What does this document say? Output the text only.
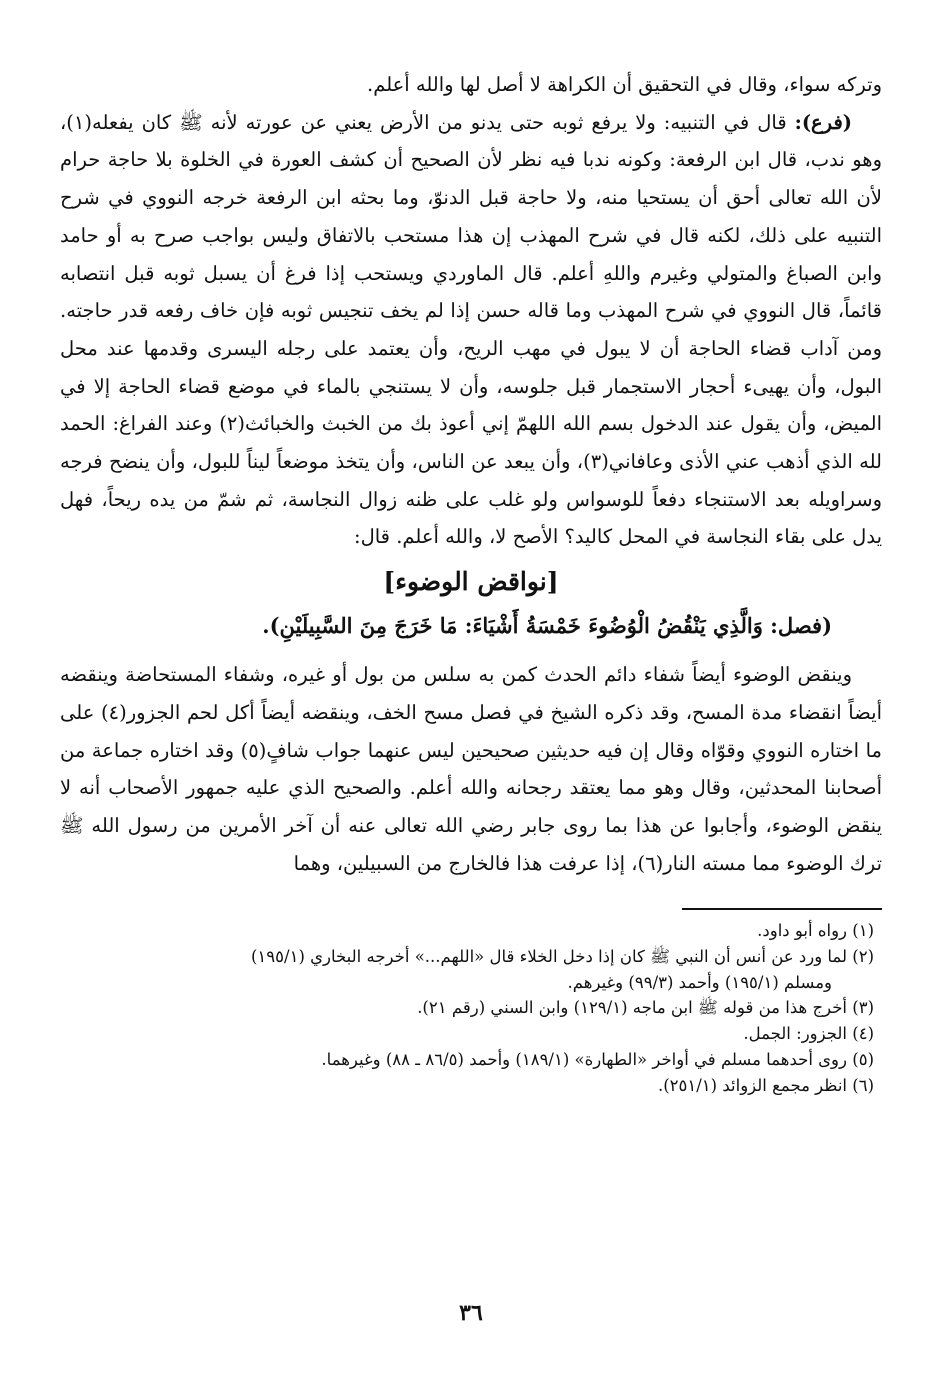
وتركه سواء، وقال في التحقيق أن الكراهة لا أصل لها والله أعلم.

(فرع): قال في التنبيه: ولا يرفع ثوبه حتى يدنو من الأرض يعني عن عورته لأنه ﷺ كان يفعله(١)، وهو ندب، قال ابن الرفعة: وكونه ندبا فيه نظر لأن الصحيح أن كشف العورة في الخلوة بلا حاجة حرام لأن الله تعالى أحق أن يستحيا منه، ولا حاجة قبل الدنوّ، وما بحثه ابن الرفعة خرجه النووي في شرح التنبيه على ذلك، لكنه قال في شرح المهذب إن هذا مستحب بالاتفاق وليس بواجب صرح به أو حامد وابن الصباغ والمتولي وغيرم واللهِ أعلم. قال الماوردي ويستحب إذا فرغ أن يسبل ثوبه قبل انتصابه قائماً، قال النووي في شرح المهذب وما قاله حسن إذا لم يخف تنجيس ثوبه فإن خاف رفعه قدر حاجته. ومن آداب قضاء الحاجة أن لا يبول في مهب الريح، وأن يعتمد على رجله اليسرى وقدمها عند محل البول، وأن يهيىء أحجار الاستجمار قبل جلوسه، وأن لا يستنجي بالماء في موضع قضاء الحاجة إلا في الميض، وأن يقول عند الدخول بسم الله اللهمّ إني أعوذ بك من الخبث والخبائث(٢) وعند الفراغ: الحمد لله الذي أذهب عني الأذى وعافاني(٣)، وأن يبعد عن الناس، وأن يتخذ موضعاً ليناً للبول، وأن ينضح فرجه وسراويله بعد الاستنجاء دفعاً للوسواس ولو غلب على ظنه زوال النجاسة، ثم شمّ من يده ريحاً، فهل يدل على بقاء النجاسة في المحل كاليد؟ الأصح لا، والله أعلم. قال:

[نواقض الوضوء]
(فصل: وَالَّذِي يَنْقُضُ الْوُضُوءَ خَمْسَةُ أَشْيَاءَ: مَا خَرَجَ مِنَ السَّبِيلَيْنِ).

وينقض الوضوء أيضاً شفاء دائم الحدث كمن به سلس من بول أو غيره، وشفاء المستحاضة وينقضه أيضاً انقضاء مدة المسح، وقد ذكره الشيخ في فصل مسح الخف، وينقضه أيضاً أكل لحم الجزور(٤) على ما اختاره النووي وقوّاه وقال إن فيه حديثين صحيحين ليس عنهما جواب شافٍ(٥) وقد اختاره جماعة من أصحابنا المحدثين، وقال وهو مما يعتقد رجحانه والله أعلم. والصحيح الذي عليه جمهور الأصحاب أنه لا ينقض الوضوء، وأجابوا عن هذا بما روى جابر رضي الله تعالى عنه أن آخر الأمرين من رسول الله ﷺ ترك الوضوء مما مسته النار(٦)، إذا عرفت هذا فالخارج من السبيلين، وهما

(١) رواه أبو داود.

(٢) لما ورد عن أنس أن النبي ﷺ كان إذا دخل الخلاء قال «اللهم...» أخرجه البخاري (١٩٥/١)

ومسلم (١٩٥/١) وأحمد (٩٩/٣) وغيرهم.

(٣) أخرج هذا من قوله ﷺ ابن ماجه (١٢٩/١) وابن السني (رقم ٢١).

(٤) الجزور: الجمل.

(٥) روى أحدهما مسلم في أواخر «الطهارة» (١٨٩/١) وأحمد (٨٦/٥ ـ ٨٨) وغيرهما.

(٦) انظر مجمع الزوائد (٢٥١/١).

٣٦
